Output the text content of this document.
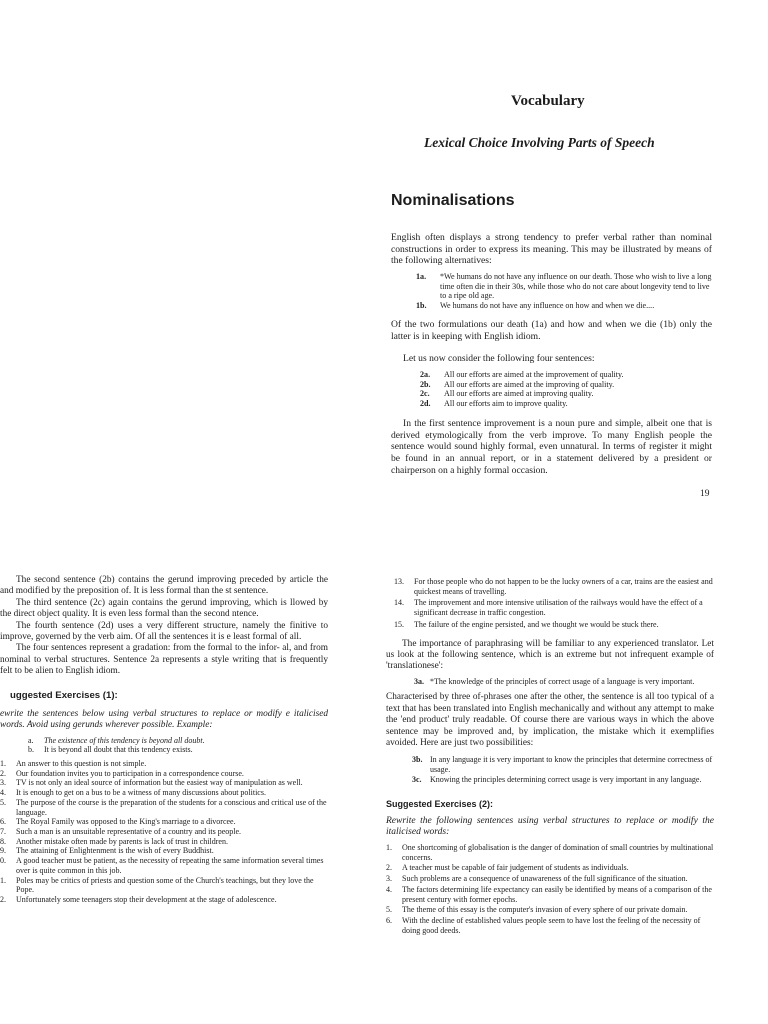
Vocabulary
Lexical Choice Involving Parts of Speech
Nominalisations

English often displays a strong tendency to prefer verbal rather than nominal constructions in order to express its meaning. This may be illustrated by means of the following alternatives:

1a.	*We humans do not have any influence on our death. Those who wish to live a long time often die in their 30s, while those who do not care about longevity tend to live to a ripe old age.
1b.	We humans do not have any influence on how and when we die....

Of the two formulations our death (1a) and how and when we die (1b) only the latter is in keeping with English idiom.

Let us now consider the following four sentences:

2a.	All our efforts are aimed at the improvement of quality.
2b.	All our efforts are aimed at the improving of quality.
2c.	All our efforts are aimed at improving quality.
2d.	All our efforts aim to improve quality.

In the first sentence improvement is a noun pure and simple, albeit one that is derived etymologically from the verb improve. To many English people the sentence would sound highly formal, even unnatural. In terms of register it might be found in an annual report, or in a statement delivered by a president or chairperson on a highly formal occasion.

19

The second sentence (2b) contains the gerund improving preceded by article the and modified by the preposition of. It is less formal than the st sentence.

The third sentence (2c) again contains the gerund improving, which is llowed by the direct object quality. It is even less formal than the second ntence.

The fourth sentence (2d) uses a very different structure, namely the finitive to improve, governed by the verb aim. Of all the sentences it is e least formal of all.

The four sentences represent a gradation: from the formal to the infor- al, and from nominal to verbal structures. Sentence 2a represents a style writing that is frequently felt to be alien to English idiom.

uggested Exercises (1):

ewrite the sentences below using verbal structures to replace or modify e italicised words. Avoid using gerunds wherever possible. Example:

a.	The existence of this tendency is beyond all doubt.
b.	It is beyond all doubt that this tendency exists.
1.	An answer to this question is not simple.
2.	Our foundation invites you to participation in a correspondence course.
3.	TV is not only an ideal source of information but the easiest way of manipulation as well.
4.	It is enough to get on a bus to be a witness of many discussions about politics.
5.	The purpose of the course is the preparation of the students for a conscious and critical use of the language.
6.	The Royal Family was opposed to the King's marriage to a divorcee.
7.	Such a man is an unsuitable representative of a country and its people.
8.	Another mistake often made by parents is lack of trust in children.
9.	The attaining of Enlightenment is the wish of every Buddhist.
0.	A good teacher must be patient, as the necessity of repeating the same information several times over is quite common in this job.
1.	Poles may be critics of priests and question some of the Church's teachings, but they love the Pope.
2.	Unfortunately some teenagers stop their development at the stage of adolescence.
13.	For those people who do not happen to be the lucky owners of a car, trains are the easiest and quickest means of travelling.
14.	The improvement and more intensive utilisation of the railways would have the effect of a significant decrease in traffic congestion.
15.	The failure of the engine persisted, and we thought we would be stuck there.

The importance of paraphrasing will be familiar to any experienced translator. Let us look at the following sentence, which is an extreme but not infrequent example of 'translationese':

3a. *The knowledge of the principles of correct usage of a language is very important.

Characterised by three of-phrases one after the other, the sentence is all too typical of a text that has been translated into English mechanically and without any attempt to make the 'end product' truly readable. Of course there are various ways in which the above sentence may be improved and, by implication, the mistake which it exemplifies avoided. Here are just two possibilities:

3b. In any language it is very important to know the principles that determine correctness of usage.
3c.	Knowing the principles determining correct usage is very important in any language.
Suggested Exercises (2):

Rewrite the following sentences using verbal structures to replace or modify the italicised words:

1.	One shortcoming of globalisation is the danger of domination of small countries by multinational concerns.
2.	A teacher must be capable of fair judgement of students as individuals.
3.	Such problems are a consequence of unawareness of the full significance of the situation.
4.	The factors determining life expectancy can easily be identified by means of a comparison of the present century with former epochs.
5.	The theme of this essay is the computer's invasion of every sphere of our private domain.
6.	With the decline of established values people seem to have lost the feeling of the necessity of doing good deeds.
